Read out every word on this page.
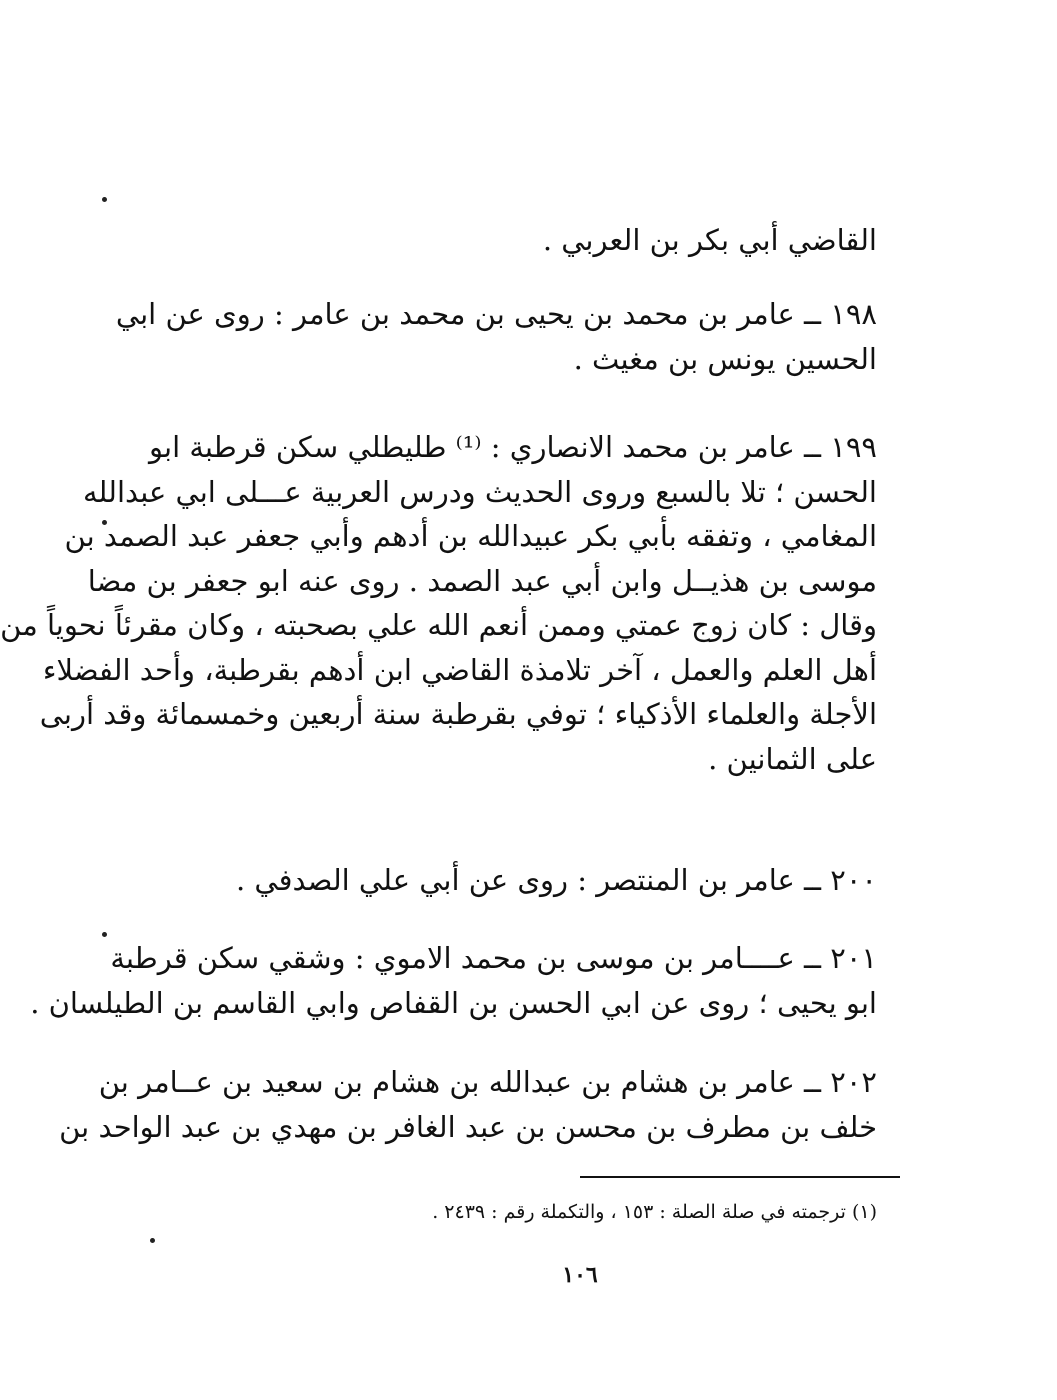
القاضي أبي بكر بن العربي .

١٩٨ ــ عامر بن محمد بن يحيى بن محمد بن عامر : روى عن ابي
الحسين يونس بن مغيث .

١٩٩ ــ عامر بن محمد الانصاري : ⁽¹⁾ طليطلي سكن قرطبة ابو
الحسن ؛ تلا بالسبع وروى الحديث ودرس العربية عـــلى ابي عبدالله
المغامي ، وتفقه بأبي بكر عبيدالله بن أدهم وأبي جعفر عبد الصمد بن
موسى بن هذيــل وابن أبي عبد الصمد . روى عنه ابو جعفر بن مضا
وقال : كان زوج عمتي وممن أنعم الله علي بصحبته ، وكان مقرئاً نحوياً من
أهل العلم والعمل ، آخر تلامذة القاضي ابن أدهم بقرطبة، وأحد الفضلاء
الأجلة والعلماء الأذكياء ؛ توفي بقرطبة سنة أربعين وخمسمائة وقد أربى
على الثمانين .

٢٠٠ ــ عامر بن المنتصر : روى عن أبي علي الصدفي .

٢٠١ ــ عــــامر بن موسى بن محمد الاموي : وشقي سكن قرطبة
ابو يحيى ؛ روى عن ابي الحسن بن القفاص وابي القاسم بن الطيلسان .

٢٠٢ ــ عامر بن هشام بن عبدالله بن هشام بن سعيد بن عــامر بن
خلف بن مطرف بن محسن بن عبد الغافر بن مهدي بن عبد الواحد بن

(١) ترجمته في صلة الصلة : ١٥٣ ، والتكملة رقم : ٢٤٣٩ .
١٠٦
